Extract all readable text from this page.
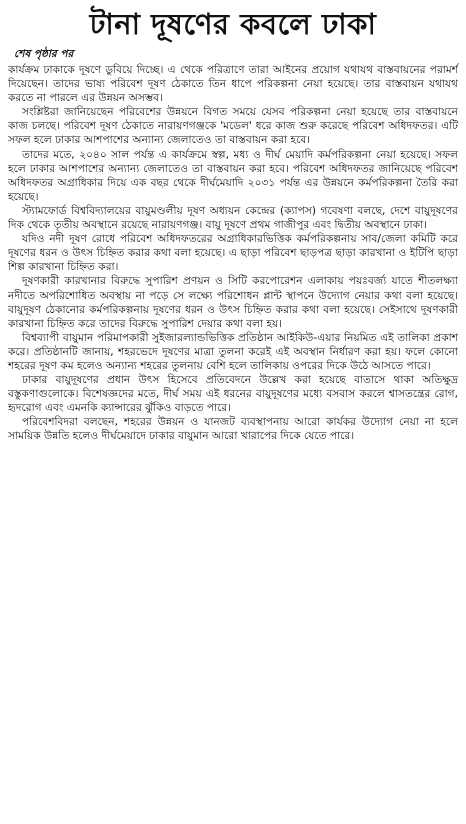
টানা দূষণের কবলে ঢাকা
শেষ পৃষ্ঠার পর

কার্যক্রম ঢাকাকে দূষণে ডুবিয়ে দিচ্ছে। এ থেকে পরিত্রাণে তারা আইনের প্রয়োগ যথাযথ বাস্তবায়নের পরামর্শ দিয়েছেন। তাদের ভাষ্য পরিবেশ দূষণ ঠেকাতে তিন ধাপে পরিকল্পনা নেয়া হয়েছে। তার বাস্তবায়ন যথাযথ করতে না পারলে এর উন্নয়ন অসম্ভব।

সংশ্লিষ্টরা জানিয়েছেন পরিবেশের উন্নয়নে বিগত সময়ে যেসব পরিকল্পনা নেয়া হয়েছে তার বাস্তবায়নে কাজ চলছে। পরিবেশ দূষণ ঠেকাতে নারায়ণগঞ্জকে 'মডেল' ধরে কাজ শুরু করেছে পরিবেশ অধিদফতর। এটি সফল হলে ঢাকার আশপাশের অন্যান্য জেলাতেও তা বাস্তবায়ন করা হবে।

তাদের মতে, ২০৪০ সাল পর্যন্ত এ কার্যক্রমে স্বল্প, মধ্য ও দীর্ঘ মেয়াদি কর্মপরিকল্পনা নেয়া হয়েছে। সফল হলে ঢাকার আশপাশের অন্যান্য জেলাতেও তা বাস্তবায়ন করা হবে। পরিবেশ অধিদফতর জানিয়েছে পরিবেশ অধিদফতর অগ্রাধিকার দিয়ে এক বছর থেকে দীর্ঘমেয়াদি ২০৩১ পর্যন্ত এর উন্নয়নে কর্মপরিকল্পনা তৈরি করা হয়েছে।

স্ট্যামফোর্ড বিশ্ববিদ্যালয়ের বায়ুমণ্ডলীয় দূষণ অধ্যয়ন কেন্দ্রের (ক্যাপস) গবেষণা বলছে, দেশে বায়ুদূষণের দিক থেকে তৃতীয় অবস্থানে রয়েছে নারায়ণগঞ্জ। বায়ু দূষণে প্রথম গাজীপুর এবং দ্বিতীয় অবস্থানে ঢাকা।

যদিও নদী দূষণ রোধে পরিবেশ অধিদফতরের অগ্রাধিকারভিত্তিক কর্মপরিকল্পনায় সাব/জেলা কমিটি করে দূষণের ধরন ও উৎস চিহ্নিত করার কথা বলা হয়েছে। এ ছাড়া পরিবেশ ছাড়পত্র ছাড়া কারখানা ও ইটিপি ছাড়া শিল্প কারখানা চিহ্নিত করা।

দূষণকারী কারখানার বিরুদ্ধে সুপারিশ প্রণয়ন ও সিটি করপোরেশন এলাকায় পয়ঃবর্জ্য যাতে শীতলক্ষ্যা নদীতে অপরিশোধিত অবস্থায় না পড়ে সে লক্ষ্যে পরিশোধন প্লান্ট স্থাপনে উদ্যোগ নেয়ার কথা বলা হয়েছে। বায়ুদূষণ ঠেকানোর কর্মপরিকল্পনায় দূষণের ধরন ও উৎস চিহ্নিত করার কথা বলা হয়েছে। সেইসাথে দূষণকারী কারখানা চিহ্নিত করে তাদের বিরুদ্ধে সুপারিশ দেয়ার কথা বলা হয়।

বিশ্বব্যাপী বায়ুমান পরিমাপকারী সুইজারল্যান্ডভিত্তিক প্রতিষ্ঠান আইকিউ-এয়ার নিয়মিত এই তালিকা প্রকাশ করে। প্রতিষ্ঠানটি জানায়, শহরভেদে দূষণের মাত্রা তুলনা করেই এই অবস্থান নির্ধারণ করা হয়। ফলে কোনো শহরের দূষণ কম হলেও অন্যান্য শহরের তুলনায় বেশি হলে তালিকায় ওপরের দিকে উঠে আসতে পারে।

ঢাকার বায়ুদূষণের প্রধান উৎস হিসেবে প্রতিবেদনে উল্লেখ করা হয়েছে বাতাসে থাকা অতিক্ষুদ্র বস্তুকণাগুলোকে। বিশেষজ্ঞদের মতে, দীর্ঘ সময় এই ধরনের বায়ুদূষণের মধ্যে বসবাস করলে শ্বাসতন্ত্রের রোগ, হৃদরোগ এবং এমনকি ক্যান্সারের ঝুঁকিও বাড়তে পারে।

পরিবেশবিদরা বলছেন, শহরের উন্নয়ন ও যানজট ব্যবস্থাপনায় আরো কার্যকর উদ্যোগ নেয়া না হলে সাময়িক উন্নতি হলেও দীর্ঘমেয়াদে ঢাকার বায়ুমান আরো খারাপের দিকে যেতে পারে।
